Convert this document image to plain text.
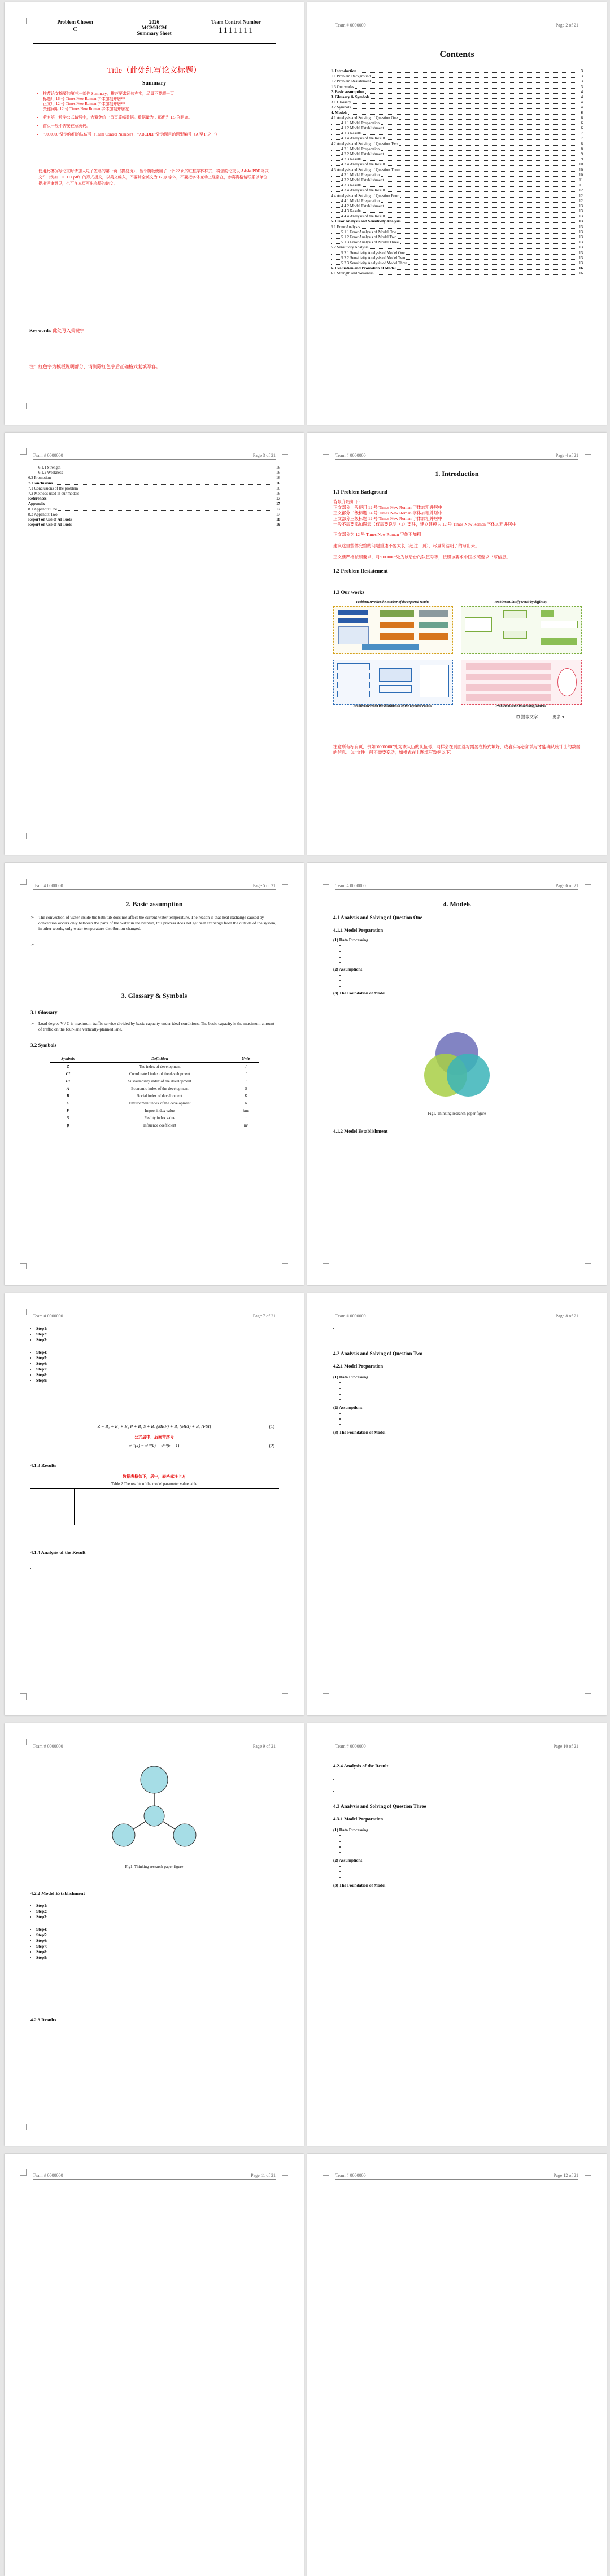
Problem Chosen
C
2026
MCM/ICM
Summary Sheet
Team Control Number
1111111
Title（此处红写论文标题）
Summary
• 推荐论文摘要的第三一部件 Summary，推荐要求词句充实，尽量不要超一页
标题用 16 号 Times New Roman 字体加粗并居中
正文用 12 号 Times New Roman 字体加粗并居中
关键词用 12 号 Times New Roman 字体加粗并居左
• 若有第一数学公式请居中，为避免统一首页篇幅数据。数据量为 0 都优先 1.5 倍距离。
• 首页一般不需要在意页码。
• "0000000"处为你们的队伍号（Team Control Number）；"ABCDEF"处为题目的题型编号（A 至 F 之一）
使用此模板写论文时请加入电子签名的第一页（摘要页），当个模板使用了一个 22 页的红框字体样式，将您的论文以 Adobe PDF 格式文件（例如 1111111.pdf）的形式提交，以英文编入，不要带全英文为 12 点 字体，不要把字体变动上经常在，参赛资格请联系以单位提出评审意见，也可在本页写出完整的论文。
Key words: 此处写入关键字
注：红色字为模板说明部分，请删除红色字后正确格式复填写容。
Team # 0000000	Page 2 of 21
Contents
1. Introduction	3
1.1 Problem Background	3
1.2 Problem Restatement	3
1.3 Our works	3
2. Basic assumption	4
3. Glossary & Symbols	4
3.1 Glossary	4
3.2 Symbols	4
4. Models	6
4.1 Analysis and Solving of Question One	6
4.1.1 Model Preparation	6
4.1.2 Model Establishment	6
4.1.3 Results	7
4.1.4 Analysis of the Result	7
4.2 Analysis and Solving of Question Two	8
4.2.1 Model Preparation	8
4.2.2 Model Establishment	9
4.2.3 Results	9
4.2.4 Analysis of the Result	10
4.3 Analysis and Solving of Question Three	10
4.3.1 Model Preparation	10
4.3.2 Model Establishment	11
4.3.3 Results	11
4.3.4 Analysis of the Result	12
4.4 Analysis and Solving of Question Four	12
4.4.1 Model Preparation	12
4.4.2 Model Establishment	13
4.4.3 Results	13
4.4.4 Analysis of the Result	13
5. Error Analysis and Sensitivity Analysis	13
5.1 Error Analysis	13
5.1.1 Error Analysis of Model One	13
5.1.2 Error Analysis of Model Two	13
5.1.3 Error Analysis of Model Three	13
5.2 Sensitivity Analysis	13
5.2.1 Sensitivity Analysis of Model One	13
5.2.2 Sensitivity Analysis of Model Two	13
5.2.3 Sensitivity Analysis of Model Three	13
6. Evaluation and Promotion of Model	16
6.1 Strength and Weakness	16
Team # 0000000	Page 3 of 21
6.1.1 Strength	16
6.1.2 Weakness	16
6.2 Promotion	16
7. Conclusions	16
7.1 Conclusions of the problem	16
7.2 Methods used in our models	16
References	17
Appendix	17
8.1 Appendix One	17
8.2 Appendix Two	17
Report on Use of AI Tools	18
Report on Use of AI Tools	19
Team # 0000000	Page 4 of 21
1. Introduction
1.1 Problem Background
背景介绍如下:
正文部分一般使用 12 号 Times New Roman 字体加粗并居中
正文部分二级标题 14 号 Times New Roman 字体加粗并居中
正文部分三级标题 12 号 Times New Roman 字体加粗并居中
一般不需要添加图表（仅需要说明（1）要注，建立建模为 12 号 Times New Roman 字体加粗并居中
正文部分为 12 号 Times New Roman 字体不加粗
建议这里整体完整的问题重述不要太长（超过一页），尽量简洁明了的写出来。
正文要严格按照要求，对"000000"处为该后台的队伍号等，按照该要求中国按照要求书写信息。
1.2 Problem Restatement
1.3 Our works
Problem1:Predict the number of the reported results	Problem2:Classify words by difficulty
Problem3:Predict the distribution of the reported results	Problem4:Some interesting features
⊞ 提取文字	更多 ▾
注意所有标有页，例如"0000000"处为该队伍的队伍号，同样会在页面选写需要在格式填好，或者实际必须填写才能确认统计出的数据的信息。（此文件一般不需要变动，如格式在上图填写数据以下）
Team # 0000000	Page 5 of 21
2. Basic assumption
➢ The convection of water inside the bath tub does not affect the current water temperature. The reason is that heat exchange caused by convection occurs only between the parts of the water in the bathtub, this process does not get heat exchange from the outside of the system, in other words, only water temperature distribution changed.
➢
3. Glossary & Symbols
3.1 Glossary
➢ Load degree V / C is maximum traffic service divided by basic capacity under ideal conditions. The basic capacity is the maximum amount of traffic on the four-lane vertically-planned lane.
3.2 Symbols
Symbols	Definition	Units
Z	The index of development	/
CI	Coordinated index of the development	/
DI	Sustainability index of the development	/
A	Economic index of the development	$
B	Social index of development	K
C	Environment index of the development	K
F	Import index value	km/
S	Reality index value	m
β	Influence coefficient	m/
Team # 0000000	Page 6 of 21
4. Models
4.1 Analysis and Solving of Question One
4.1.1 Model Preparation
(1) Data Processing
(2) Assumptions
(3) The Foundation of Model
Fig1. Thinking research paper figure
4.1.2 Model Establishment
Team # 0000000	Page 7 of 21
• Step1:
• Step2:
• Step3:
• Step4:
• Step5:
• Step6:
• Step7:
• Step8:
• Step9:
Z = B₁ + B₂ + B₃ P + B₄ S + B₅ (MEF) + B₆ (MEI) + B₇ (FSI)	(1)
公式居中，后面带序号
x⁽¹⁾(k) = x⁽¹⁾(k) − x⁽¹⁾(k − 1)	(2)
4.1.3 Results
数据表格如下，居中，表格标注上方
Table 2 The results of the model parameter value table

4.1.4 Analysis of the Result
Team # 0000000	Page 8 of 21
4.2 Analysis and Solving of Question Two
4.2.1 Model Preparation
(1) Data Processing
(2) Assumptions
(3) The Foundation of Model
Team # 0000000	Page 9 of 21
Fig1. Thinking research paper figure
4.2.2 Model Establishment
• Step1:
• Step2:
• Step3:
• Step4:
• Step5:
• Step6:
• Step7:
• Step8:
• Step9:
4.2.3 Results
Team # 0000000	Page 10 of 21
4.2.4 Analysis of the Result
4.3 Analysis and Solving of Question Three
4.3.1 Model Preparation
(1) Data Processing
(2) Assumptions
(3) The Foundation of Model
Team # 0000000	Page 11 of 21	Team # 0000000	Page 12 of 21
